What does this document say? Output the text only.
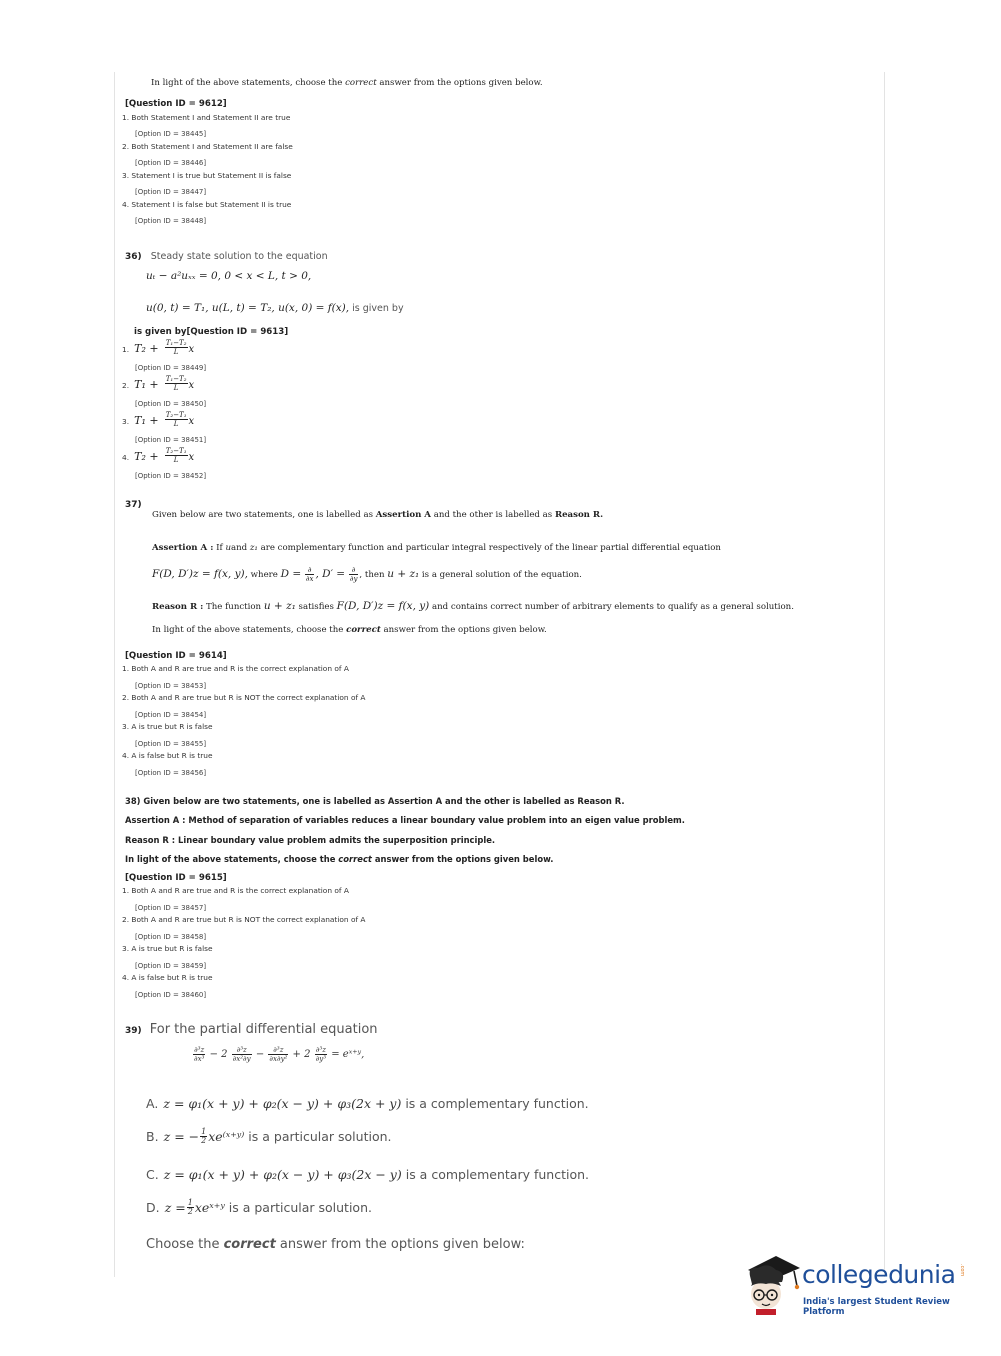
In light of the above statements, choose the correct answer from the options given below.
[Question ID = 9612]
1. Both Statement I and Statement II are true
[Option ID = 38445]
2. Both Statement I and Statement II are false
[Option ID = 38446]
3. Statement I is true but Statement II is false
[Option ID = 38447]
4. Statement I is false but Statement II is true
[Option ID = 38448]
36) Steady state solution to the equation
uₜ − a²uₓₓ = 0, 0 < x < L, t > 0,
u(0, t) = T₁, u(L, t) = T₂, u(x, 0) = f(x), is given by
is given by[Question ID = 9613]
1. $T_2 + \frac{\text{T₁−T₂}}{L}$ x
[Option ID = 38449]
2. $T_1 + \frac{\text{T₁−T₂}}{L}$ x
[Option ID = 38450]
3. $T_1 + \frac{\text{T₂−T₁}}{L}$ x
[Option ID = 38451]
4. $T_2 + \frac{\text{T₂−T₁}}{L}$ x
[Option ID = 38452]
37)
Given below are two statements, one is labelled as Assertion A and the other is labelled as Reason R.
Assertion A : If uand z₁ are complementary function and particular integral respectively of the linear partial differential equation
F(D, D′)z = f(x, y), where $D = \frac{\partial}{\partial x}$ , $D' = \frac{\partial}{\partial y}$ , then u + z₁ is a general solution of the equation.
Reason R : The function u + z₁ satisfies F(D, D′)z = f(x, y) and contains correct number of arbitrary elements to qualify as a general solution.
In light of the above statements, choose the correct answer from the options given below.
[Question ID = 9614]
1. Both A and R are true and R is the correct explanation of A
[Option ID = 38453]
2. Both A and R are true but R is NOT the correct explanation of A
[Option ID = 38454]
3. A is true but R is false
[Option ID = 38455]
4. A is false but R is true
[Option ID = 38456]
38) Given below are two statements, one is labelled as Assertion A and the other is labelled as Reason R.
Assertion A : Method of separation of variables reduces a linear boundary value problem into an eigen value problem.
Reason R : Linear boundary value problem admits the superposition principle.
In light of the above statements, choose the correct answer from the options given below.
[Question ID = 9615]
1. Both A and R are true and R is the correct explanation of A
[Option ID = 38457]
2. Both A and R are true but R is NOT the correct explanation of A
[Option ID = 38458]
3. A is true but R is false
[Option ID = 38459]
4. A is false but R is true
[Option ID = 38460]
39) For the partial differential equation
$\frac{\text{∂³z}}{\text{∂x³}} - 2 \frac{\text{∂³z}}{\text{∂x²∂y}} - \frac{\text{∂³z}}{\text{∂x∂y²}} + 2 \frac{\text{∂³z}}{\text{∂y³}}$ = eˣ⁺ʸ,
A. z = φ₁(x + y) + φ₂(x − y) + φ₃(2x + y) is a complementary function.
B. z = − $\frac{1}{2}$ xe⁽ˣ⁺ʸ⁾ is a particular solution.
C. z = φ₁(x + y) + φ₂(x − y) + φ₃(2x − y) is a complementary function.
D. $z = \frac{1}{2}$ xeˣ⁺ʸ is a particular solution.
Choose the correct answer from the options given below:
collegedunia .com
India's largest Student Review Platform
